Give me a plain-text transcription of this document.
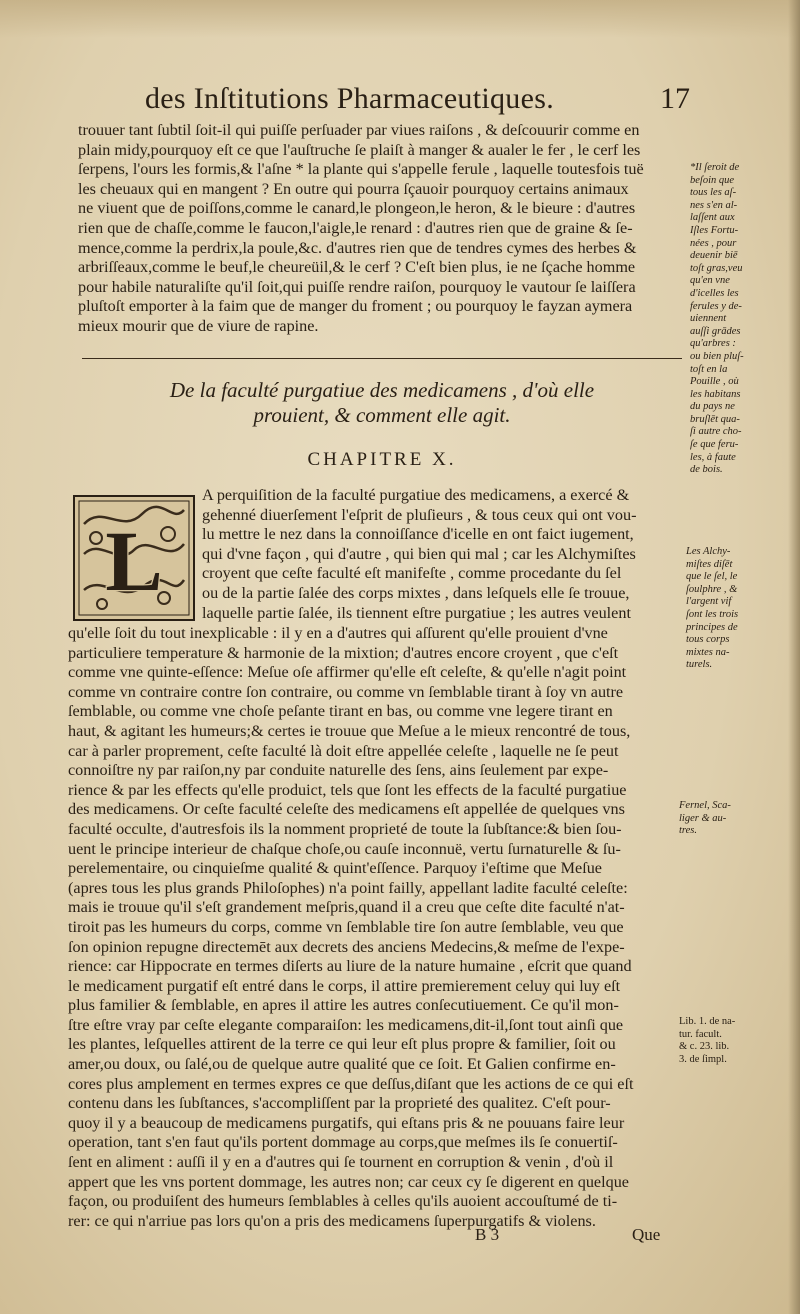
des Inſtitutions Pharmaceutiques.	17
trouuer tant ſubtil ſoit-il qui puiſſe perſuader par viues raiſons , & deſcouurir comme en
plain midy,pourquoy eſt ce que l'auſtruche ſe plaiſt à manger & aualer le fer , le cerf les
ſerpens, l'ours les formis,& l'aſne * la plante qui s'appelle ferule , laquelle toutesfois tuë
les cheuaux qui en mangent ? En outre qui pourra ſçauoir pourquoy certains animaux
ne viuent que de poiſſons,comme le canard,le plongeon,le heron, & le bieure : d'autres
rien que de chaſſe,comme le faucon,l'aigle,le renard : d'autres rien que de graine & ſe-
mence,comme la perdrix,la poule,&c. d'autres rien que de tendres cymes des herbes &
arbriſſeaux,comme le beuf,le cheureüil,& le cerf ? C'eſt bien plus, ie ne ſçache homme
pour habile naturaliſte qu'il ſoit,qui puiſſe rendre raiſon, pourquoy le vautour ſe laiſſera
pluſtoſt emporter à la faim que de manger du froment ; ou pourquoy le fayzan aymera
mieux mourir que de viure de rapine.
De la faculté purgatiue des medicamens , d'où elle
prouient, & comment elle agit.
CHAPITRE X.
L
A perquiſition de la faculté purgatiue des medicamens, a exercé &
gehenné diuerſement l'eſprit de pluſieurs , & tous ceux qui ont vou-
lu mettre le nez dans la connoiſſance d'icelle en ont faict iugement,
qui d'vne façon , qui d'autre , qui bien qui mal ; car les Alchymiſtes
croyent que ceſte faculté eſt manifeſte , comme procedante du ſel
ou de la partie ſalée des corps mixtes , dans leſquels elle ſe trouue,
laquelle partie ſalée, ils tiennent eſtre purgatiue ; les autres veulent
qu'elle ſoit du tout inexplicable : il y en a d'autres qui aſſurent qu'elle prouient d'vne
particuliere temperature & harmonie de la mixtion; d'autres encore croyent , que c'eſt
comme vne quinte-eſſence: Meſue oſe affirmer qu'elle eſt celeſte, & qu'elle n'agit point
comme vn contraire contre ſon contraire, ou comme vn ſemblable tirant à ſoy vn autre
ſemblable, ou comme vne choſe peſante tirant en bas, ou comme vne legere tirant en
haut, & agitant les humeurs;& certes ie trouue que Meſue a le mieux rencontré de tous,
car à parler proprement, ceſte faculté là doit eſtre appellée celeſte , laquelle ne ſe peut
connoiſtre ny par raiſon,ny par conduite naturelle des ſens, ains ſeulement par expe-
rience & par les effects qu'elle produict, tels que ſont les effects de la faculté purgatiue
des medicamens. Or ceſte faculté celeſte des medicamens eſt appellée de quelques vns
faculté occulte, d'autresfois ils la nomment proprieté de toute la ſubſtance:& bien ſou-
uent le principe interieur de chaſque choſe,ou cauſe inconnuë, vertu ſurnaturelle & ſu-
perelementaire, ou cinquieſme qualité & quint'eſſence. Parquoy i'eſtime que Meſue
(apres tous les plus grands Philoſophes) n'a point failly, appellant ladite faculté celeſte:
mais ie trouue qu'il s'eſt grandement meſpris,quand il a creu que ceſte dite faculté n'at-
tiroit pas les humeurs du corps, comme vn ſemblable tire ſon autre ſemblable, veu que
ſon opinion repugne directemēt aux decrets des anciens Medecins,& meſme de l'expe-
rience: car Hippocrate en termes diſerts au liure de la nature humaine , eſcrit que quand
le medicament purgatif eſt entré dans le corps, il attire premierement celuy qui luy eſt
plus familier & ſemblable, en apres il attire les autres conſecutiuement. Ce qu'il mon-
ſtre eſtre vray par ceſte elegante comparaiſon: les medicamens,dit-il,ſont tout ainſi que
les plantes, leſquelles attirent de la terre ce qui leur eſt plus propre & familier, ſoit ou
amer,ou doux, ou ſalé,ou de quelque autre qualité que ce ſoit. Et Galien confirme en-
cores plus amplement en termes expres ce que deſſus,diſant que les actions de ce qui eſt
contenu dans les ſubſtances, s'accompliſſent par la proprieté des qualitez. C'eſt pour-
quoy il y a beaucoup de medicamens purgatifs, qui eſtans pris & ne pouuans faire leur
operation, tant s'en faut qu'ils portent dommage au corps,que meſmes ils ſe conuertiſ-
ſent en aliment : auſſi il y en a d'autres qui ſe tournent en corruption & venin , d'où il
appert que les vns portent dommage, les autres non; car ceux cy ſe digerent en quelque
façon, ou produiſent des humeurs ſemblables à celles qu'ils auoient accouſtumé de ti-
rer: ce qui n'arriue pas lors qu'on a pris des medicamens ſuperpurgatifs & violens.
B 3	Que
*Il ſeroit de
beſoin que
tous les aſ-
nes s'en al-
laſſent aux
Iſles Fortu-
nées , pour
deuenir biē
toſt gras,veu
qu'en vne
d'icelles les
ferules y de-
uiennent
auſſi grādes
qu'arbres :
ou bien pluſ-
toſt en la
Pouille , où
les habitans
du pays ne
bruſlēt qua-
ſi autre cho-
ſe que feru-
les, à faute
de bois.
Les Alchy-
miſtes diſēt
que le ſel, le
ſoulphre , &
l'argent vif
ſont les trois
principes de
tous corps
mixtes na-
turels.
Fernel, Sca-
liger & au-
tres.
Lib. 1. de na-
tur. facult.
& c. 23. lib.
3. de ſimpl.
